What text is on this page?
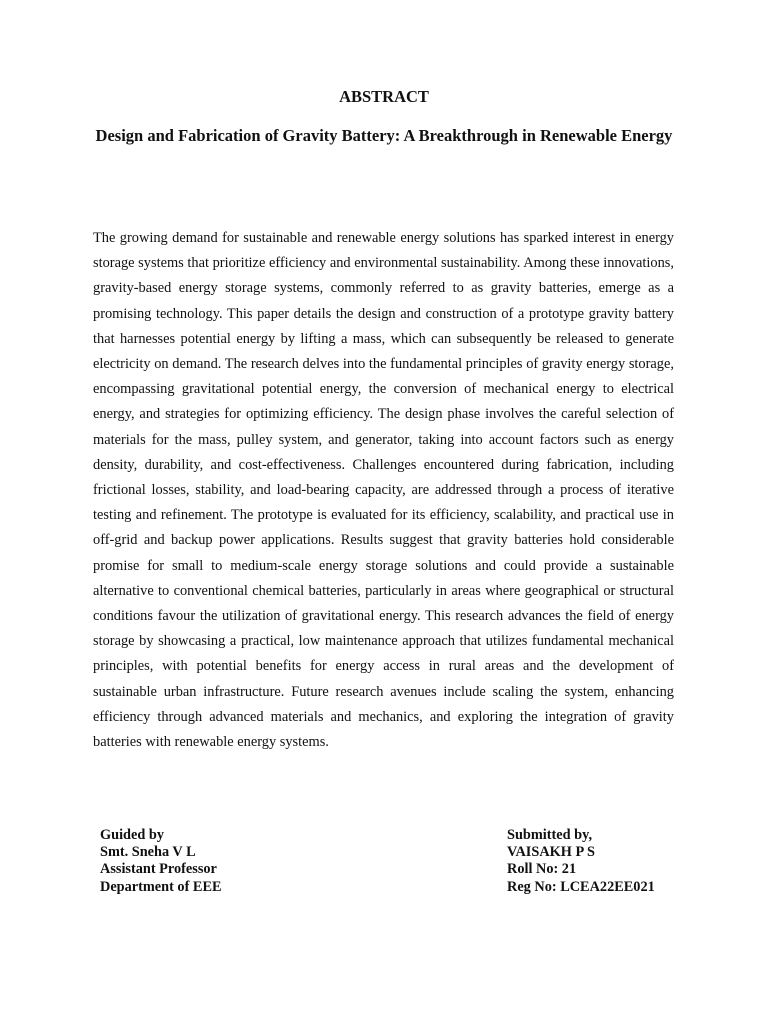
ABSTRACT
Design and Fabrication of Gravity Battery: A Breakthrough in Renewable Energy

The growing demand for sustainable and renewable energy solutions has sparked interest in energy storage systems that prioritize efficiency and environmental sustainability. Among these innovations, gravity-based energy storage systems, commonly referred to as gravity batteries, emerge as a promising technology. This paper details the design and construction of a prototype gravity battery that harnesses potential energy by lifting a mass, which can subsequently be released to generate electricity on demand. The research delves into the fundamental principles of gravity energy storage, encompassing gravitational potential energy, the conversion of mechanical energy to electrical energy, and strategies for optimizing efficiency. The design phase involves the careful selection of materials for the mass, pulley system, and generator, taking into account factors such as energy density, durability, and cost-effectiveness. Challenges encountered during fabrication, including frictional losses, stability, and load-bearing capacity, are addressed through a process of iterative testing and refinement. The prototype is evaluated for its efficiency, scalability, and practical use in off-grid and backup power applications. Results suggest that gravity batteries hold considerable promise for small to medium-scale energy storage solutions and could provide a sustainable alternative to conventional chemical batteries, particularly in areas where geographical or structural conditions favour the utilization of gravitational energy. This research advances the field of energy storage by showcasing a practical, low maintenance approach that utilizes fundamental mechanical principles, with potential benefits for energy access in rural areas and the development of sustainable urban infrastructure. Future research avenues include scaling the system, enhancing efficiency through advanced materials and mechanics, and exploring the integration of gravity batteries with renewable energy systems.

Guided by
Smt. Sneha V L
Assistant Professor
Department of EEE
Submitted by,
VAISAKH P S
Roll No: 21
Reg No: LCEA22EE021
